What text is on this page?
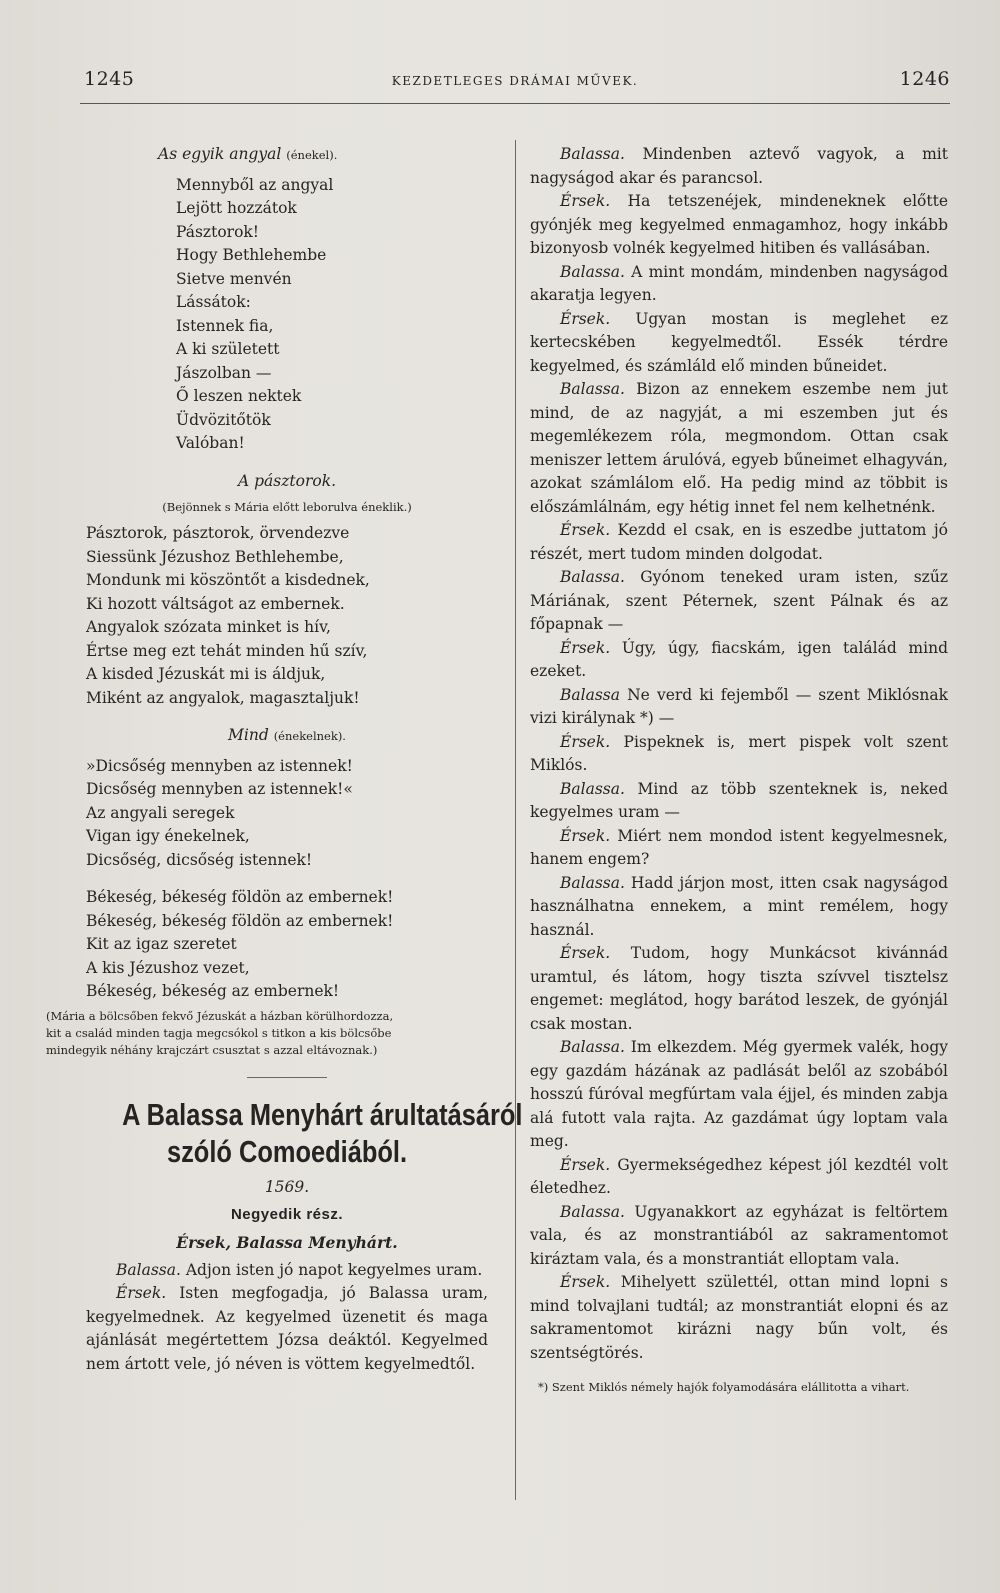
1245	KEZDETLEGES DRÁMAI MŰVEK.	1246
As egyik angyal (énekel).
Mennyből az angyal
Lejött hozzátok
Pásztorok!
Hogy Bethlehembe
Sietve menvén
Lássátok:
Istennek fia,
A ki született
Jászolban —
Ő leszen nektek
Üdvözitőtök
Valóban!
A pásztorok.
(Bejönnek s Mária előtt leborulva éneklik.)
Pásztorok, pásztorok, örvendezve
Siessünk Jézushoz Bethlehembe,
Mondunk mi köszöntőt a kisdednek,
Ki hozott váltságot az embernek.
Angyalok szózata minket is hív,
Értse meg ezt tehát minden hű szív,
A kisded Jézuskát mi is áldjuk,
Miként az angyalok, magasztaljuk!
Mind (énekelnek).
»Dicsőség mennyben az istennek!
Dicsőség mennyben az istennek!«
Az angyali seregek
Vigan igy énekelnek,
Dicsőség, dicsőség istennek!
Békeség, békeség földön az embernek!
Békeség, békeség földön az embernek!
Kit az igaz szeretet
A kis Jézushoz vezet,
Békeség, békeség az embernek!
(Mária a bölcsőben fekvő Jézuskát a házban körülhordozza,
kit a család minden tagja megcsókol s titkon a kis bölcsőbe
mindegyik néhány krajczárt csusztat s azzal eltávoznak.)
A Balassa Menyhárt árultatásáról
szóló Comoediából.
1569.
Negyedik rész.
Érsek, Balassa Menyhárt.

Balassa. Adjon isten jó napot kegyelmes uram.

Érsek. Isten megfogadja, jó Balassa uram, kegyelmednek. Az kegyelmed üzenetit és maga ajánlását megértettem Józsa deáktól. Kegyelmed nem ártott vele, jó néven is vöttem kegyelmedtől.

Balassa. Mindenben aztevő vagyok, a mit nagyságod akar és parancsol.

Érsek. Ha tetszenéjek, mindeneknek előtte gyónjék meg kegyelmed enmagamhoz, hogy inkább bizonyosb volnék kegyelmed hitiben és vallásában.

Balassa. A mint mondám, mindenben nagyságod akaratja legyen.

Érsek. Ugyan mostan is meglehet ez kertecskében kegyelmedtől. Essék térdre kegyelmed, és számláld elő minden bűneidet.

Balassa. Bizon az ennekem eszembe nem jut mind, de az nagyját, a mi eszemben jut és megemlékezem róla, megmondom. Ottan csak meniszer lettem árulóvá, egyeb bűneimet elhagyván, azokat számlálom elő. Ha pedig mind az többit is előszámlálnám, egy hétig innet fel nem kelhetnénk.

Érsek. Kezdd el csak, en is eszedbe juttatom jó részét, mert tudom minden dolgodat.

Balassa. Gyónom teneked uram isten, szűz Máriának, szent Péternek, szent Pálnak és az főpapnak —

Érsek. Úgy, úgy, fiacskám, igen találád mind ezeket.

Balassa Ne verd ki fejemből — szent Miklósnak vizi királynak *) —

Érsek. Pispeknek is, mert pispek volt szent Miklós.

Balassa. Mind az több szenteknek is, neked kegyelmes uram —

Érsek. Miért nem mondod istent kegyelmesnek, hanem engem?

Balassa. Hadd járjon most, itten csak nagyságod használhatna ennekem, a mint remélem, hogy használ.

Érsek. Tudom, hogy Munkácsot kivánnád uramtul, és látom, hogy tiszta szívvel tisztelsz engemet: meglátod, hogy barátod leszek, de gyónjál csak mostan.

Balassa. Im elkezdem. Még gyermek valék, hogy egy gazdám házának az padlását belől az szobából hosszú fúróval megfúrtam vala éjjel, és minden zabja alá futott vala rajta. Az gazdámat úgy loptam vala meg.

Érsek. Gyermekségedhez képest jól kezdtél volt életedhez.

Balassa. Ugyanakkort az egyházat is feltörtem vala, és az monstrantiából az sakramentomot kiráztam vala, és a monstrantiát elloptam vala.

Érsek. Mihelyett születtél, ottan mind lopni s mind tolvajlani tudtál; az monstrantiát elopni és az sakramentomot kirázni nagy bűn volt, és szentségtörés.

*) Szent Miklós némely hajók folyamodására elállitotta a vihart.
